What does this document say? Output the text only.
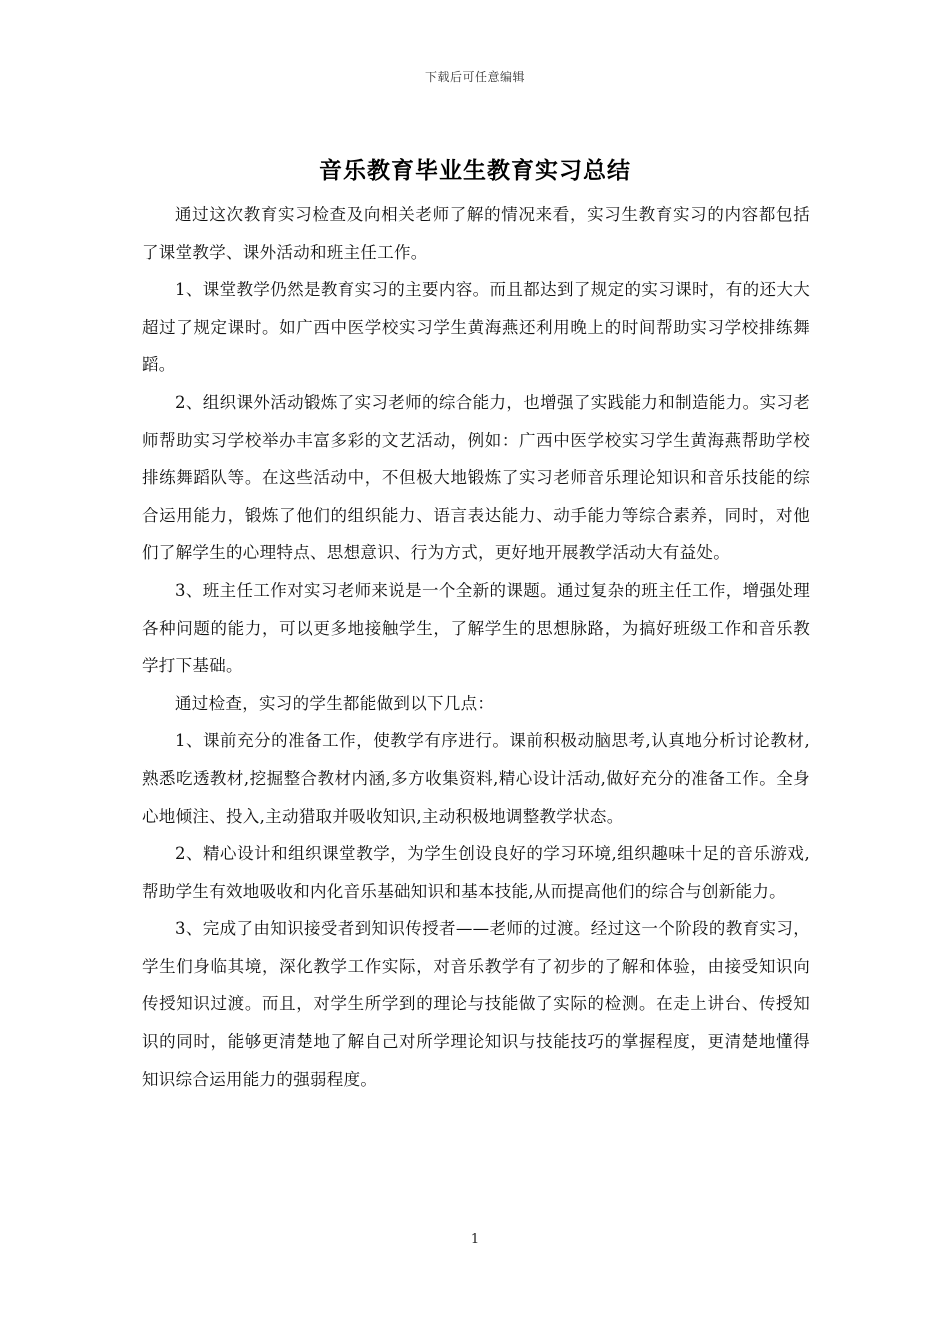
下载后可任意编辑
音乐教育毕业生教育实习总结

通过这次教育实习检查及向相关老师了解的情况来看，实习生教育实习的内容都包括了课堂教学、课外活动和班主任工作。

1、课堂教学仍然是教育实习的主要内容。而且都达到了规定的实习课时，有的还大大超过了规定课时。如广西中医学校实习学生黄海燕还利用晚上的时间帮助实习学校排练舞蹈。

2、组织课外活动锻炼了实习老师的综合能力，也增强了实践能力和制造能力。实习老师帮助实习学校举办丰富多彩的文艺活动，例如：广西中医学校实习学生黄海燕帮助学校排练舞蹈队等。在这些活动中，不但极大地锻炼了实习老师音乐理论知识和音乐技能的综合运用能力，锻炼了他们的组织能力、语言表达能力、动手能力等综合素养，同时，对他们了解学生的心理特点、思想意识、行为方式，更好地开展教学活动大有益处。

3、班主任工作对实习老师来说是一个全新的课题。通过复杂的班主任工作，增强处理各种问题的能力，可以更多地接触学生，了解学生的思想脉路，为搞好班级工作和音乐教学打下基础。

通过检查，实习的学生都能做到以下几点：

1、课前充分的准备工作，使教学有序进行。课前积极动脑思考,认真地分析讨论教材,熟悉吃透教材,挖掘整合教材内涵,多方收集资料,精心设计活动,做好充分的准备工作。全身心地倾注、投入,主动猎取并吸收知识,主动积极地调整教学状态。

2、精心设计和组织课堂教学，为学生创设良好的学习环境,组织趣味十足的音乐游戏,帮助学生有效地吸收和内化音乐基础知识和基本技能,从而提高他们的综合与创新能力。

3、完成了由知识接受者到知识传授者——老师的过渡。经过这一个阶段的教育实习，学生们身临其境，深化教学工作实际，对音乐教学有了初步的了解和体验，由接受知识向传授知识过渡。而且，对学生所学到的理论与技能做了实际的检测。在走上讲台、传授知识的同时，能够更清楚地了解自己对所学理论知识与技能技巧的掌握程度，更清楚地懂得知识综合运用能力的强弱程度。

1
